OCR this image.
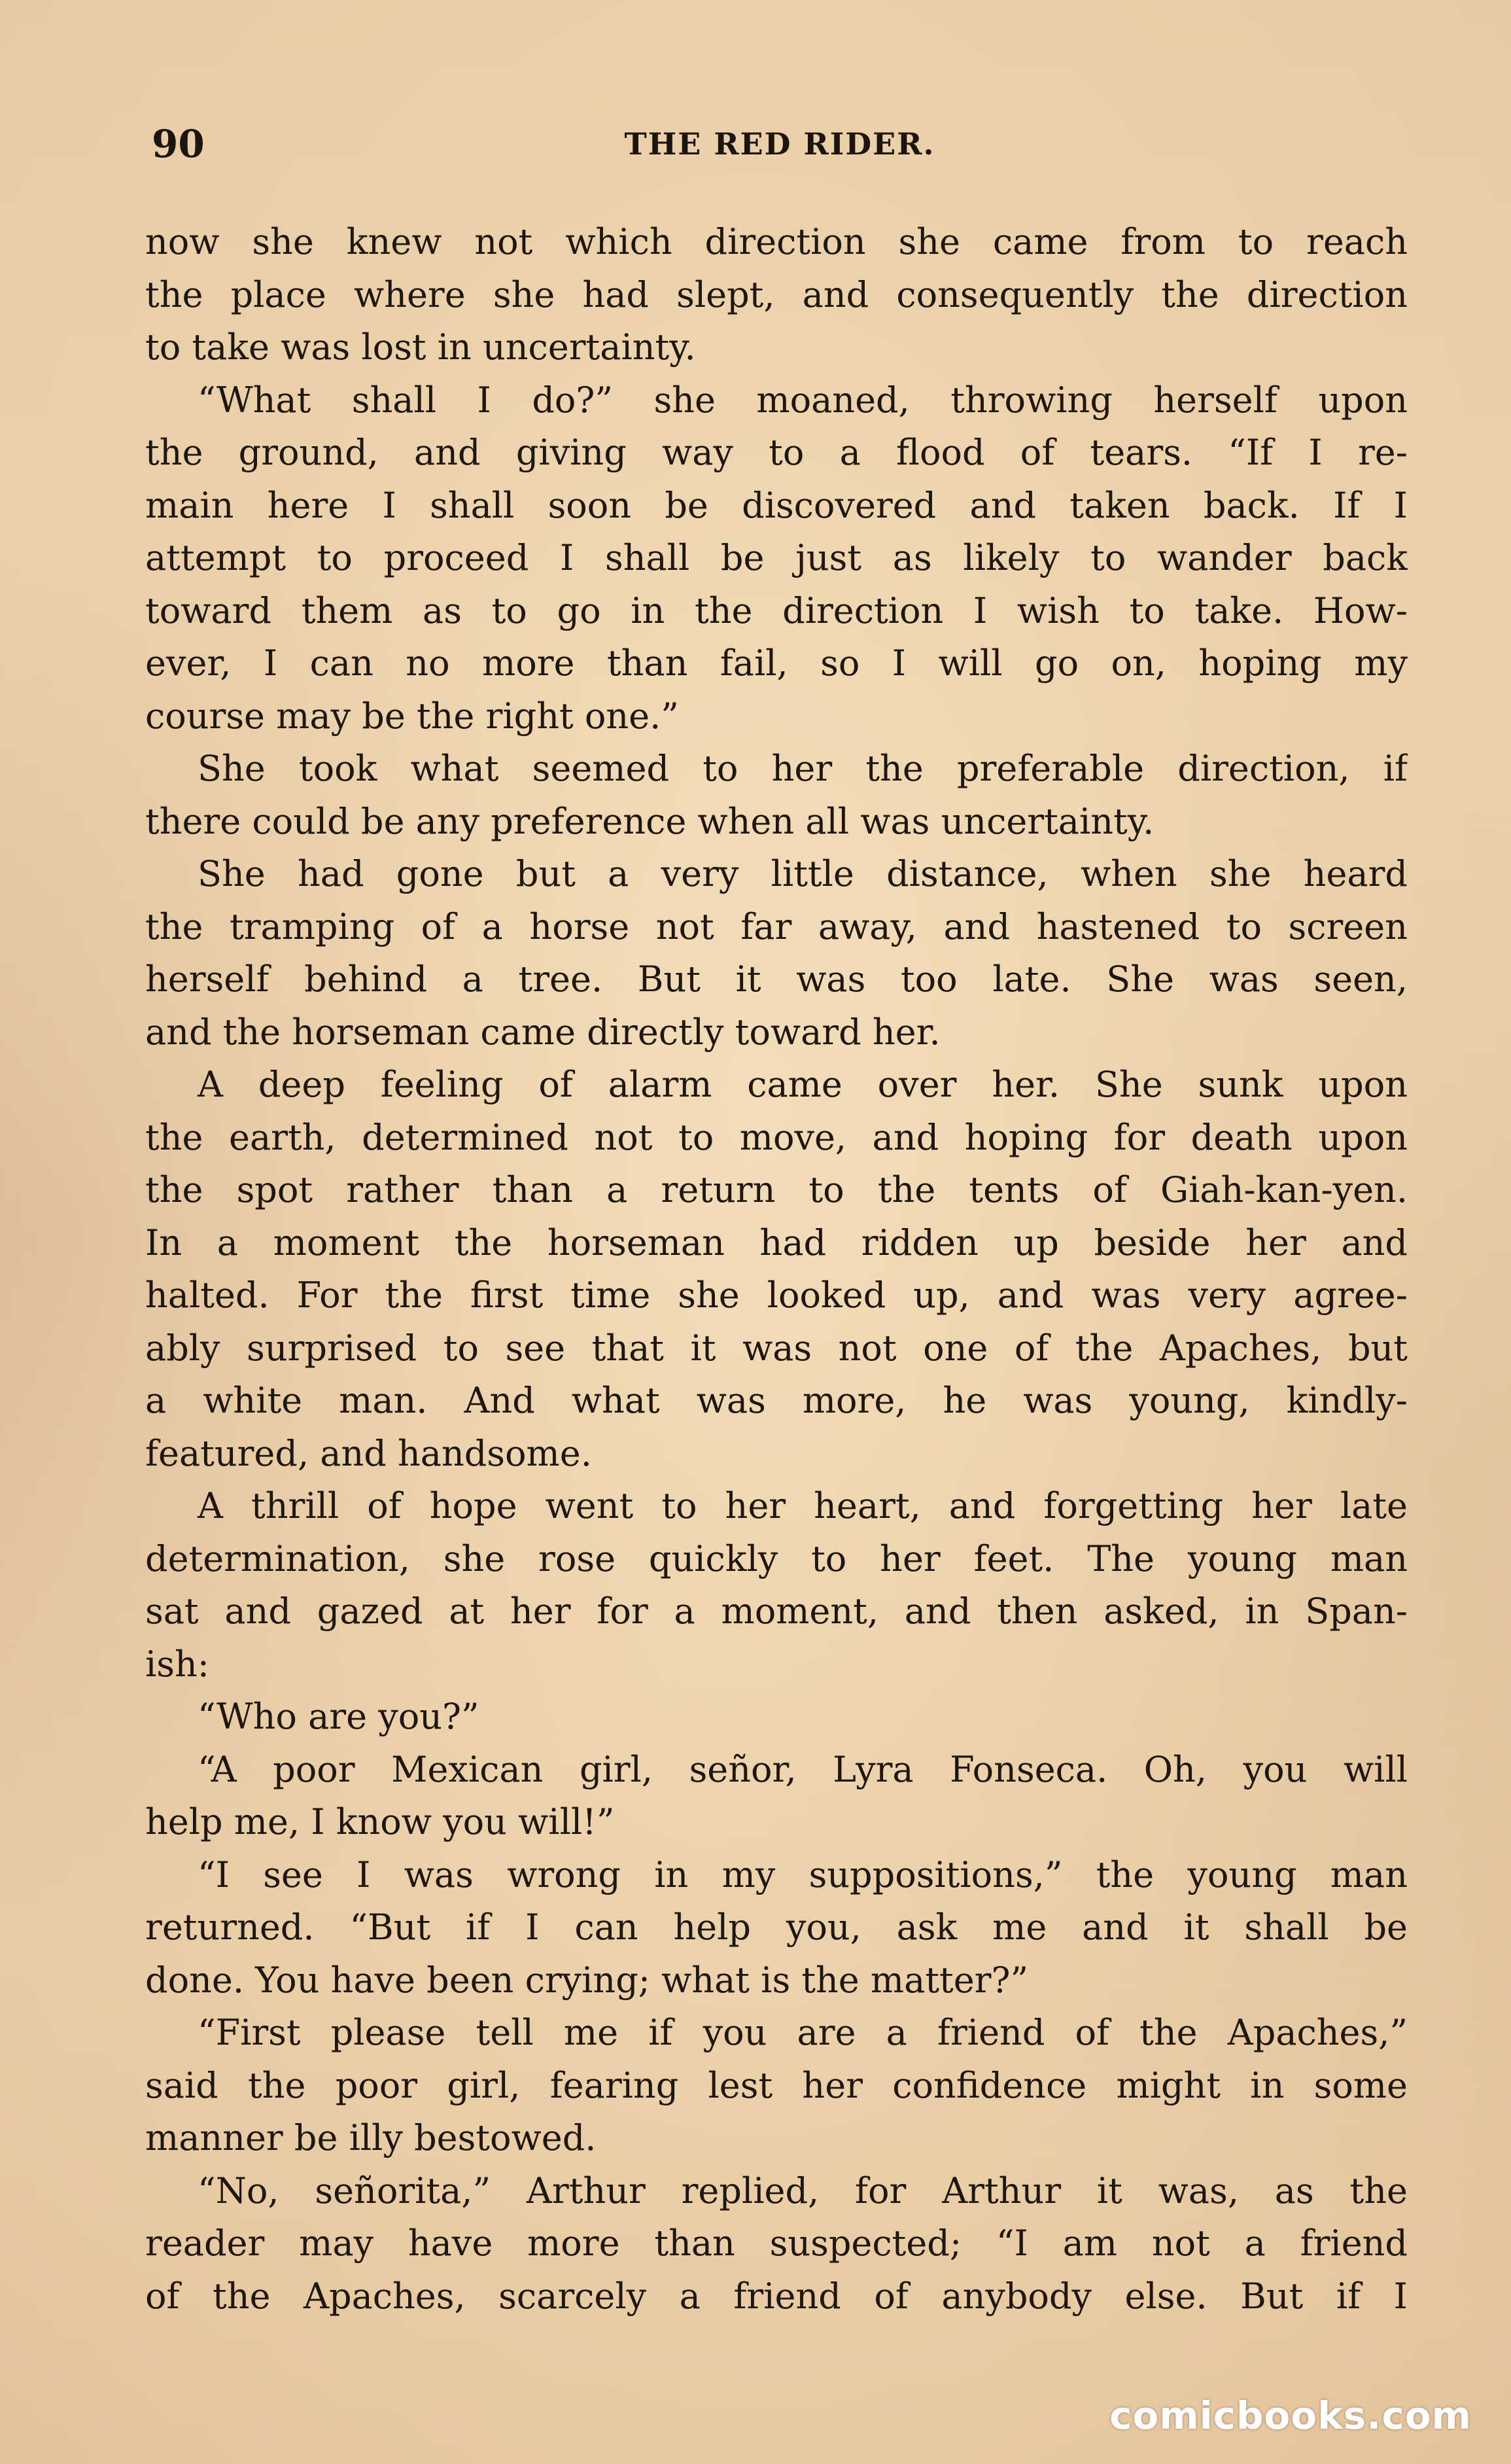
90	THE RED RIDER.
now she knew not which direction she came from to reach
the place where she had slept, and consequently the direction
to take was lost in uncertainty.
“What shall I do?” she moaned, throwing herself upon
the ground, and giving way to a flood of tears. “If I re-
main here I shall soon be discovered and taken back. If I
attempt to proceed I shall be just as likely to wander back
toward them as to go in the direction I wish to take. How-
ever, I can no more than fail, so I will go on, hoping my
course may be the right one.”
She took what seemed to her the preferable direction, if
there could be any preference when all was uncertainty.
She had gone but a very little distance, when she heard
the tramping of a horse not far away, and hastened to screen
herself behind a tree. But it was too late. She was seen,
and the horseman came directly toward her.
A deep feeling of alarm came over her. She sunk upon
the earth, determined not to move, and hoping for death upon
the spot rather than a return to the tents of Giah-kan-yen.
In a moment the horseman had ridden up beside her and
halted. For the first time she looked up, and was very agree-
ably surprised to see that it was not one of the Apaches, but
a white man. And what was more, he was young, kindly-
featured, and handsome.
A thrill of hope went to her heart, and forgetting her late
determination, she rose quickly to her feet. The young man
sat and gazed at her for a moment, and then asked, in Span-
ish:
“Who are you?”
“A poor Mexican girl, señor, Lyra Fonseca. Oh, you will
help me, I know you will!”
“I see I was wrong in my suppositions,” the young man
returned. “But if I can help you, ask me and it shall be
done. You have been crying; what is the matter?”
“First please tell me if you are a friend of the Apaches,”
said the poor girl, fearing lest her confidence might in some
manner be illy bestowed.
“No, señorita,” Arthur replied, for Arthur it was, as the
reader may have more than suspected; “I am not a friend
of the Apaches, scarcely a friend of anybody else. But if I
comicbooks.com
